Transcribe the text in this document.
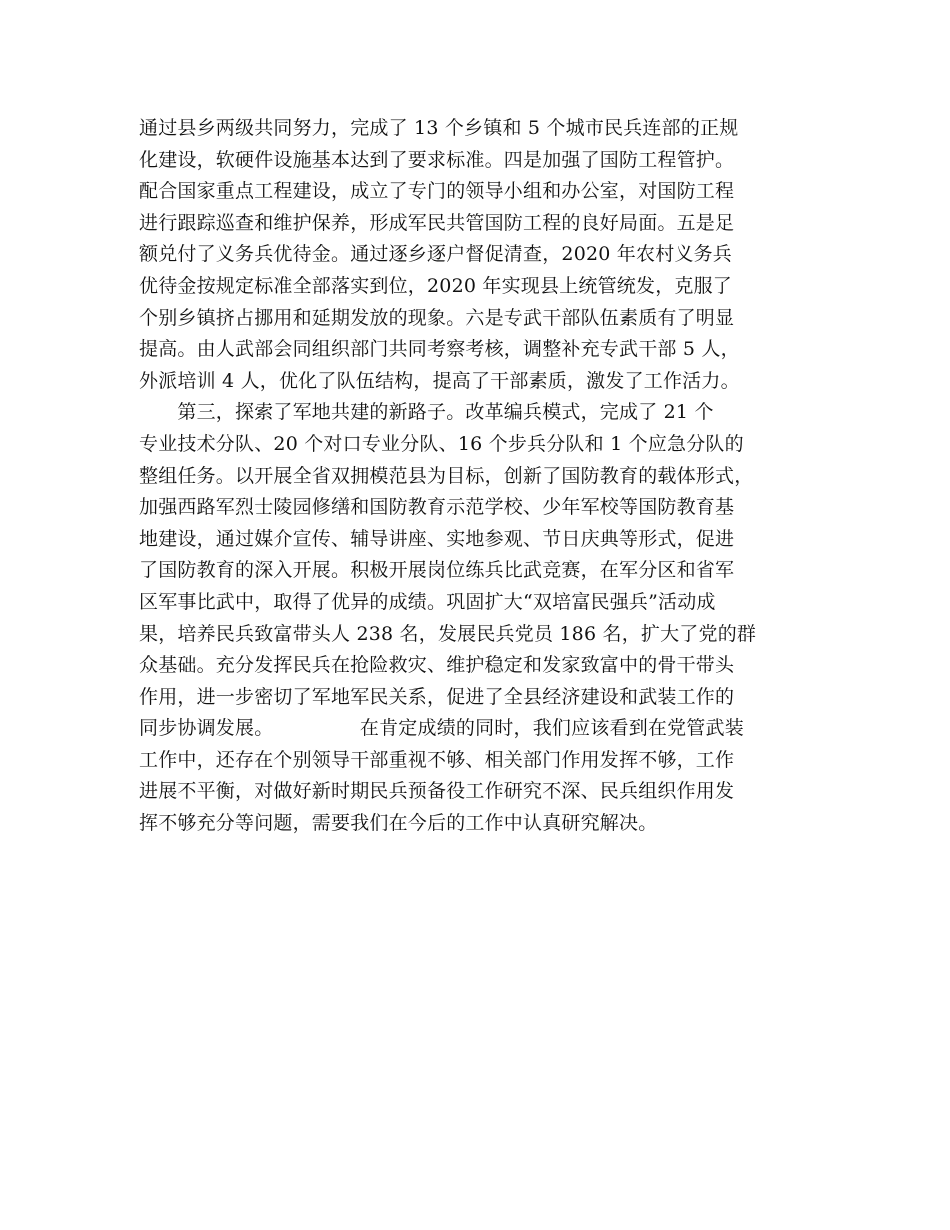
通过县乡两级共同努力，完成了 13 个乡镇和 5 个城市民兵连部的正规
化建设，软硬件设施基本达到了要求标准。四是加强了国防工程管护。
配合国家重点工程建设，成立了专门的领导小组和办公室，对国防工程
进行跟踪巡查和维护保养，形成军民共管国防工程的良好局面。五是足
额兑付了义务兵优待金。通过逐乡逐户督促清查，2020 年农村义务兵
优待金按规定标准全部落实到位，2020 年实现县上统管统发，克服了
个别乡镇挤占挪用和延期发放的现象。六是专武干部队伍素质有了明显
提高。由人武部会同组织部门共同考察考核，调整补充专武干部 5 人，
外派培训 4 人，优化了队伍结构，提高了干部素质，激发了工作活力。
　　第三，探索了军地共建的新路子。改革编兵模式，完成了 21 个
专业技术分队、20 个对口专业分队、16 个步兵分队和 1 个应急分队的
整组任务。以开展全省双拥模范县为目标，创新了国防教育的载体形式，
加强西路军烈士陵园修缮和国防教育示范学校、少年军校等国防教育基
地建设，通过媒介宣传、辅导讲座、实地参观、节日庆典等形式，促进
了国防教育的深入开展。积极开展岗位练兵比武竞赛，在军分区和省军
区军事比武中，取得了优异的成绩。巩固扩大“双培富民强兵”活动成
果，培养民兵致富带头人 238 名，发展民兵党员 186 名，扩大了党的群
众基础。充分发挥民兵在抢险救灾、维护稳定和发家致富中的骨干带头
作用，进一步密切了军地军民关系，促进了全县经济建设和武装工作的
同步协调发展。　　　　　在肯定成绩的同时，我们应该看到在党管武装
工作中，还存在个别领导干部重视不够、相关部门作用发挥不够，工作
进展不平衡，对做好新时期民兵预备役工作研究不深、民兵组织作用发
挥不够充分等问题，需要我们在今后的工作中认真研究解决。
